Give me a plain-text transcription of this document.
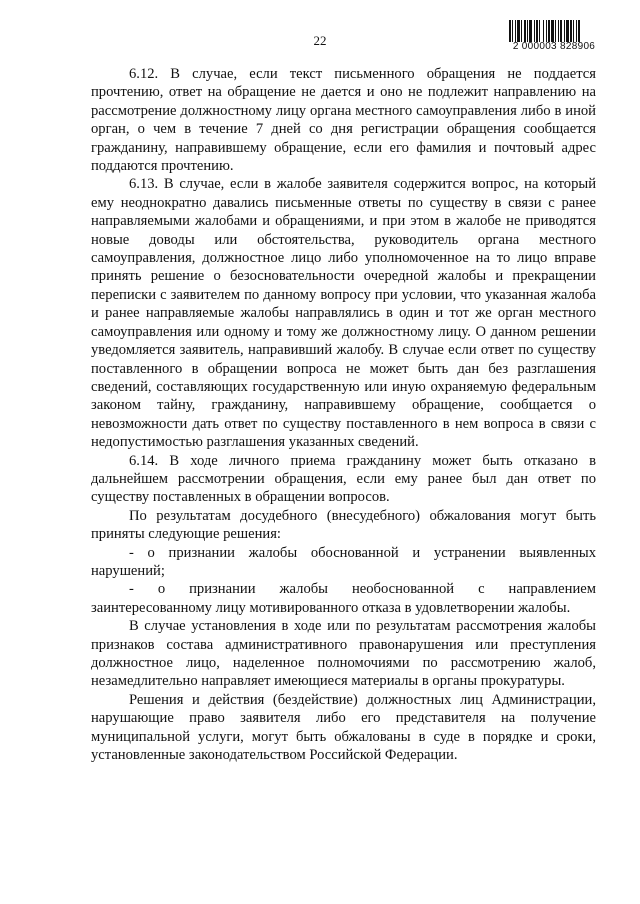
22	2 000003 828906

6.12. В случае, если текст письменного обращения не поддается прочтению, ответ на обращение не дается и оно не подлежит направлению на рассмотрение должностному лицу органа местного самоуправления либо в иной орган, о чем в течение 7 дней со дня регистрации обращения сообщается гражданину, направившему обращение, если его фамилия и почтовый адрес поддаются прочтению.

6.13. В случае, если в жалобе заявителя содержится вопрос, на который ему неоднократно давались письменные ответы по существу в связи с ранее направляемыми жалобами и обращениями, и при этом в жалобе не приводятся новые доводы или обстоятельства, руководитель органа местного самоуправления, должностное лицо либо уполномоченное на то лицо вправе принять решение о безосновательности очередной жалобы и прекращении переписки с заявителем по данному вопросу при условии, что указанная жалоба и ранее направляемые жалобы направлялись в один и тот же орган местного самоуправления или одному и тому же должностному лицу. О данном решении уведомляется заявитель, направивший жалобу. В случае если ответ по существу поставленного в обращении вопроса не может быть дан без разглашения сведений, составляющих государственную или иную охраняемую федеральным законом тайну, гражданину, направившему обращение, сообщается о невозможности дать ответ по существу поставленного в нем вопроса в связи с недопустимостью разглашения указанных сведений.

6.14. В ходе личного приема гражданину может быть отказано в дальнейшем рассмотрении обращения, если ему ранее был дан ответ по существу поставленных в обращении вопросов.

По результатам досудебного (внесудебного) обжалования могут быть приняты следующие решения:

- о признании жалобы обоснованной и устранении выявленных нарушений;

- о признании жалобы необоснованной с направлением заинтересованному лицу мотивированного отказа в удовлетворении жалобы.

В случае установления в ходе или по результатам рассмотрения жалобы признаков состава административного правонарушения или преступления должностное лицо, наделенное полномочиями по рассмотрению жалоб, незамедлительно направляет имеющиеся материалы в органы прокуратуры.

Решения и действия (бездействие) должностных лиц Администрации, нарушающие право заявителя либо его представителя на получение муниципальной услуги, могут быть обжалованы в суде в порядке и сроки, установленные законодательством Российской Федерации.
